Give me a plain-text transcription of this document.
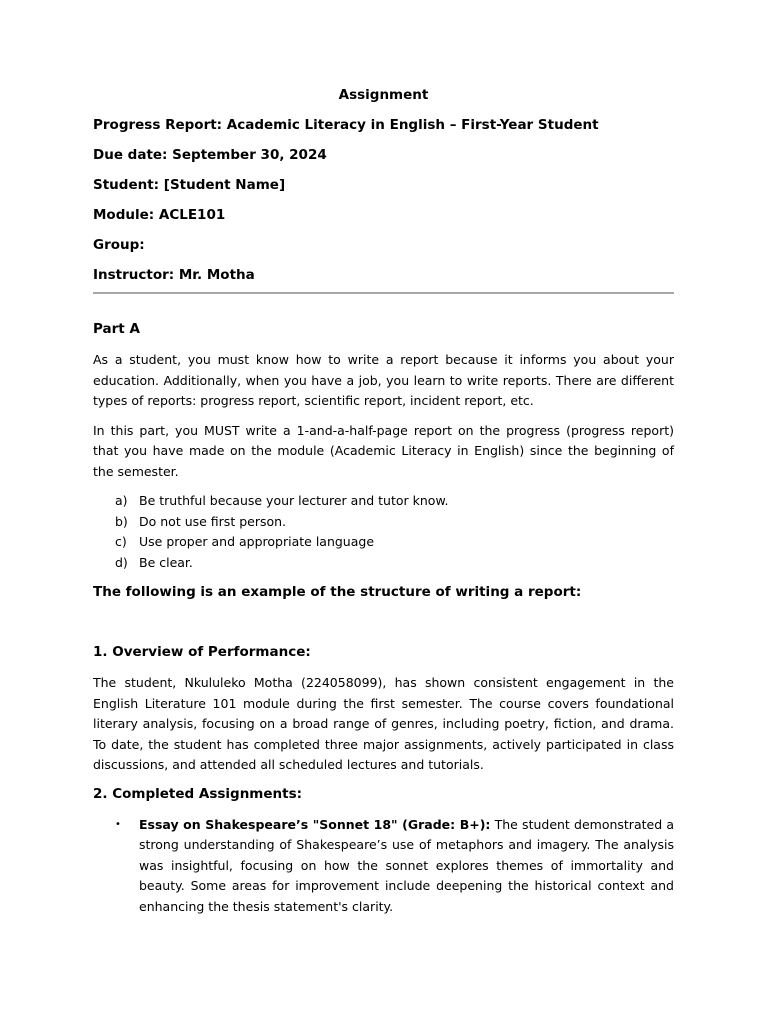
Assignment
Progress Report: Academic Literacy in English – First-Year Student
Due date: September 30, 2024
Student: [Student Name]
Module: ACLE101
Group:
Instructor: Mr. Motha
Part A

As a student, you must know how to write a report because it informs you about your education. Additionally, when you have a job, you learn to write reports. There are different types of reports: progress report, scientific report, incident report, etc.

In this part, you MUST write a 1-and-a-half-page report on the progress (progress report) that you have made on the module (Academic Literacy in English) since the beginning of the semester.

a) Be truthful because your lecturer and tutor know.
b) Do not use first person.
c) Use proper and appropriate language
d) Be clear.
The following is an example of the structure of writing a report:
1. Overview of Performance:

The student, Nkululeko Motha (224058099), has shown consistent engagement in the English Literature 101 module during the first semester. The course covers foundational literary analysis, focusing on a broad range of genres, including poetry, fiction, and drama. To date, the student has completed three major assignments, actively participated in class discussions, and attended all scheduled lectures and tutorials.

2. Completed Assignments:
•	Essay on Shakespeare’s "Sonnet 18" (Grade: B+): The student demonstrated a strong understanding of Shakespeare’s use of metaphors and imagery. The analysis was insightful, focusing on how the sonnet explores themes of immortality and beauty. Some areas for improvement include deepening the historical context and enhancing the thesis statement's clarity.
